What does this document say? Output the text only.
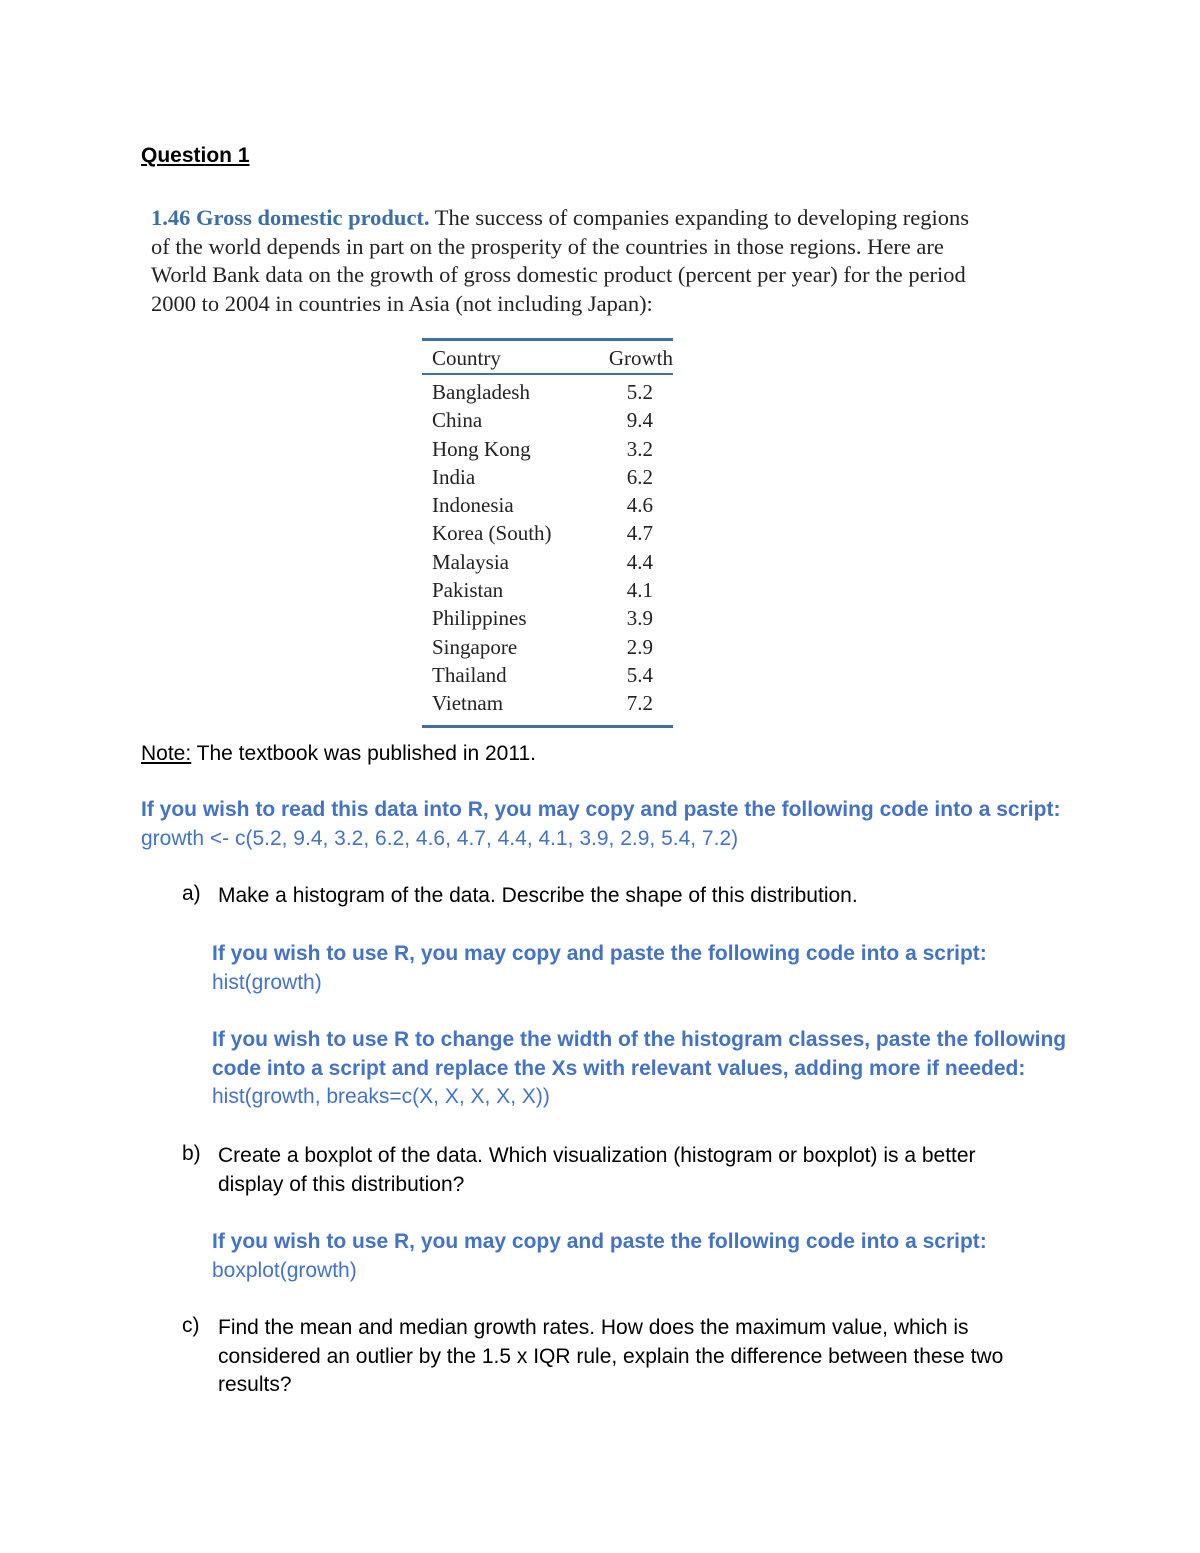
Question 1
1.46 Gross domestic product. The success of companies expanding to developing regions of the world depends in part on the prosperity of the countries in those regions. Here are World Bank data on the growth of gross domestic product (percent per year) for the period 2000 to 2004 in countries in Asia (not including Japan):
Country	Growth
Bangladesh	5.2
China	9.4
Hong Kong	3.2
India	6.2
Indonesia	4.6
Korea (South)	4.7
Malaysia	4.4
Pakistan	4.1
Philippines	3.9
Singapore	2.9
Thailand	5.4
Vietnam	7.2
Note: The textbook was published in 2011.
If you wish to read this data into R, you may copy and paste the following code into a script:
growth <- c(5.2, 9.4, 3.2, 6.2, 4.6, 4.7, 4.4, 4.1, 3.9, 2.9, 5.4, 7.2)
a) Make a histogram of the data. Describe the shape of this distribution.
If you wish to use R, you may copy and paste the following code into a script:
hist(growth)
If you wish to use R to change the width of the histogram classes, paste the following
code into a script and replace the Xs with relevant values, adding more if needed:
hist(growth, breaks=c(X, X, X, X, X))
b) Create a boxplot of the data. Which visualization (histogram or boxplot) is a better
display of this distribution?
If you wish to use R, you may copy and paste the following code into a script:
boxplot(growth)
c) Find the mean and median growth rates. How does the maximum value, which is
considered an outlier by the 1.5 x IQR rule, explain the difference between these two
results?
